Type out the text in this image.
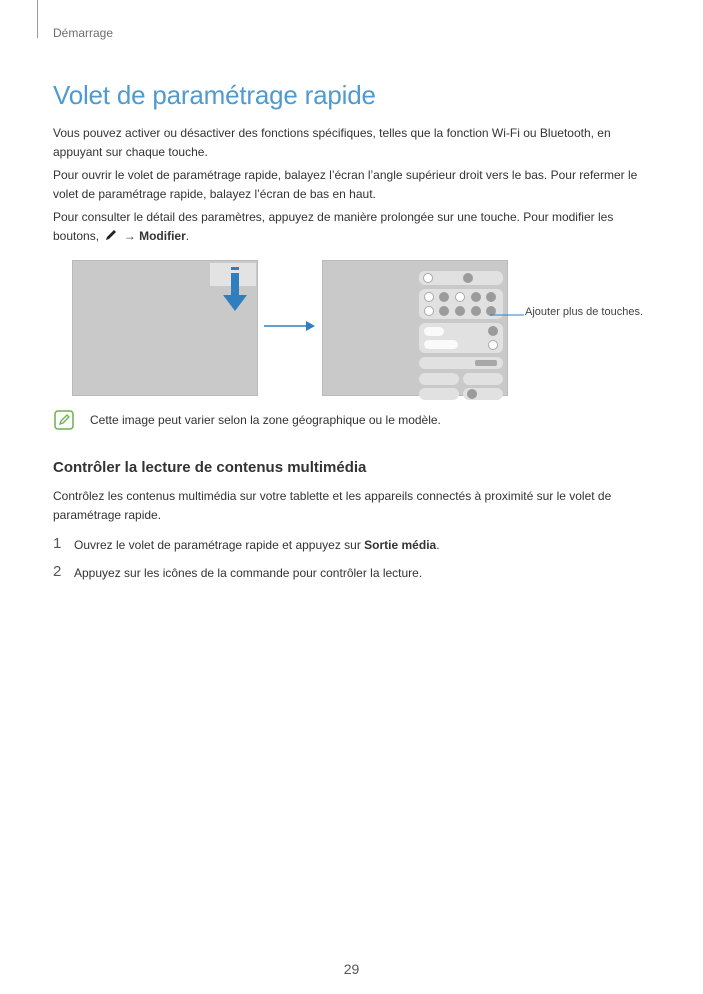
Démarrage
Volet de paramétrage rapide

Vous pouvez activer ou désactiver des fonctions spécifiques, telles que la fonction Wi-Fi ou Bluetooth, en appuyant sur chaque touche.

Pour ouvrir le volet de paramétrage rapide, balayez l’écran l’angle supérieur droit vers le bas. Pour refermer le volet de paramétrage rapide, balayez l’écran de bas en haut.

Pour consulter le détail des paramètres, appuyez de manière prolongée sur une touche. Pour modifier les boutons, → Modifier.

Ajouter plus de touches.
Cette image peut varier selon la zone géographique ou le modèle.
Contrôler la lecture de contenus multimédia

Contrôlez les contenus multimédia sur votre tablette et les appareils connectés à proximité sur le volet de paramétrage rapide.

1 Ouvrez le volet de paramétrage rapide et appuyez sur Sortie média.
2 Appuyez sur les icônes de la commande pour contrôler la lecture.
29
